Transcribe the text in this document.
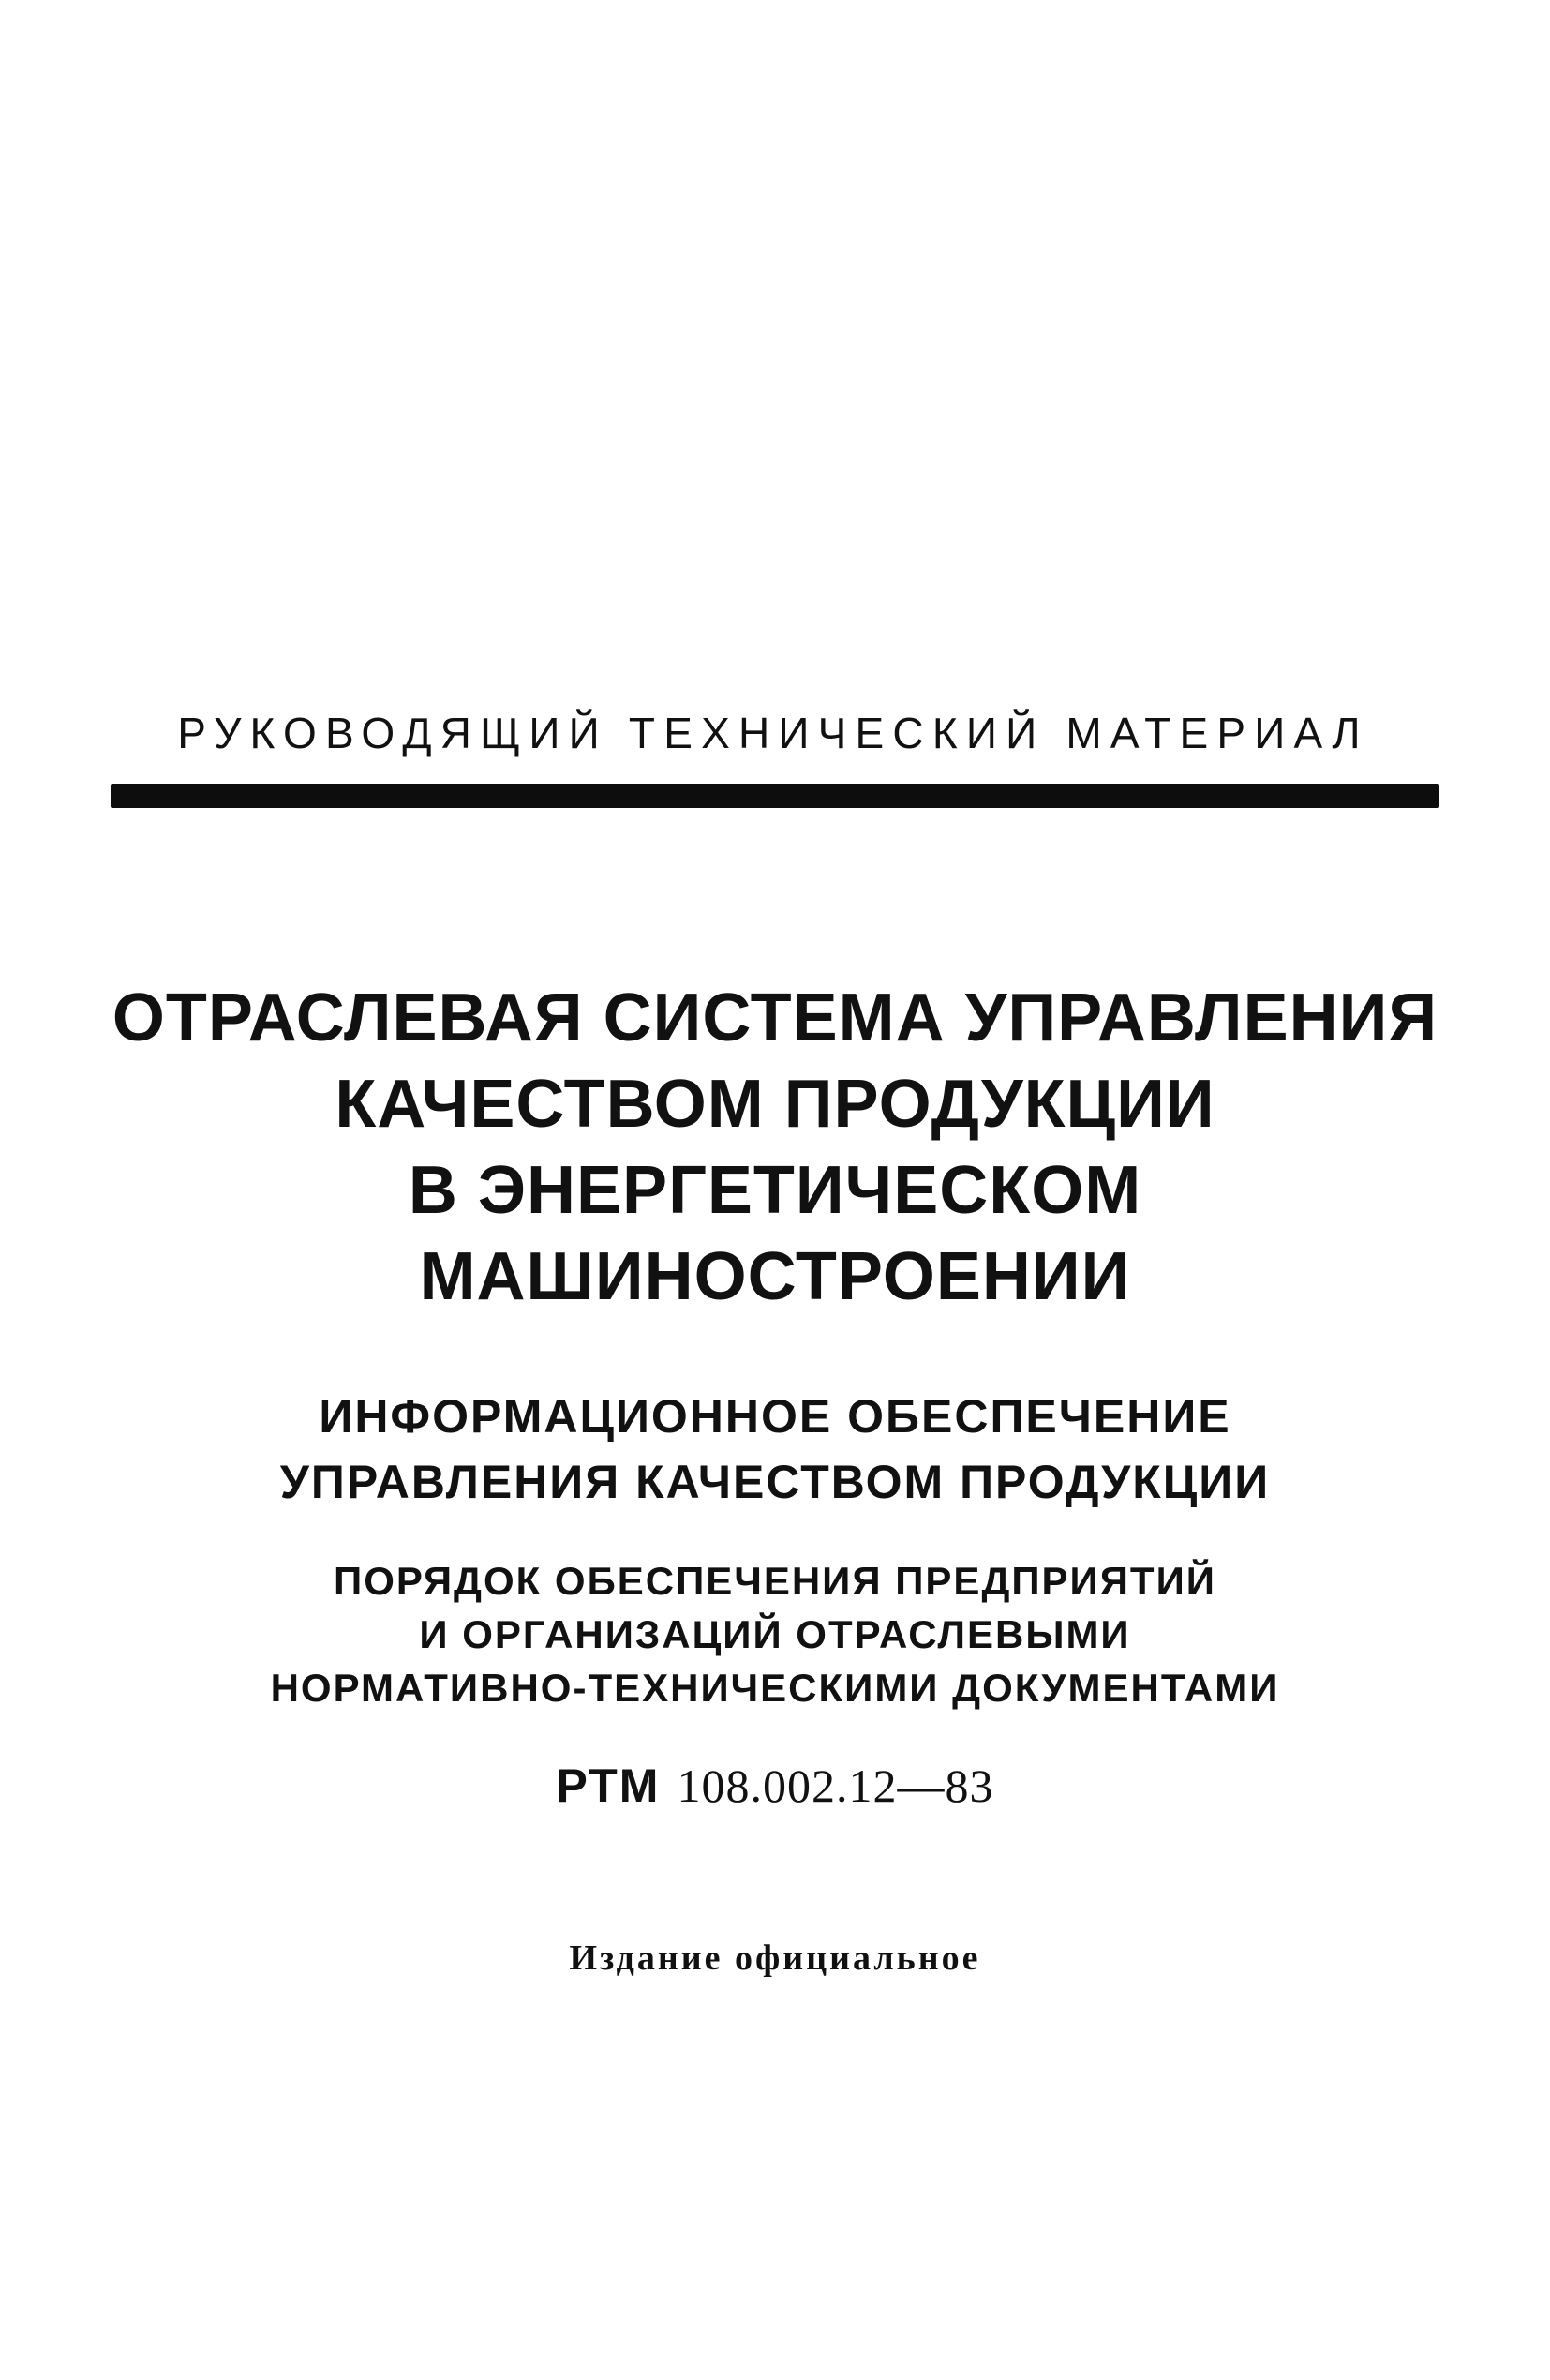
РУКОВОДЯЩИЙ ТЕХНИЧЕСКИЙ МАТЕРИАЛ
ОТРАСЛЕВАЯ СИСТЕМА УПРАВЛЕНИЯ
КАЧЕСТВОМ ПРОДУКЦИИ
В ЭНЕРГЕТИЧЕСКОМ
МАШИНОСТРОЕНИИ
ИНФОРМАЦИОННОЕ ОБЕСПЕЧЕНИЕ
УПРАВЛЕНИЯ КАЧЕСТВОМ ПРОДУКЦИИ
ПОРЯДОК ОБЕСПЕЧЕНИЯ ПРЕДПРИЯТИЙ
И ОРГАНИЗАЦИЙ ОТРАСЛЕВЫМИ
НОРМАТИВНО-ТЕХНИЧЕСКИМИ ДОКУМЕНТАМИ
РТМ 108.002.12—83
Издание официальное
